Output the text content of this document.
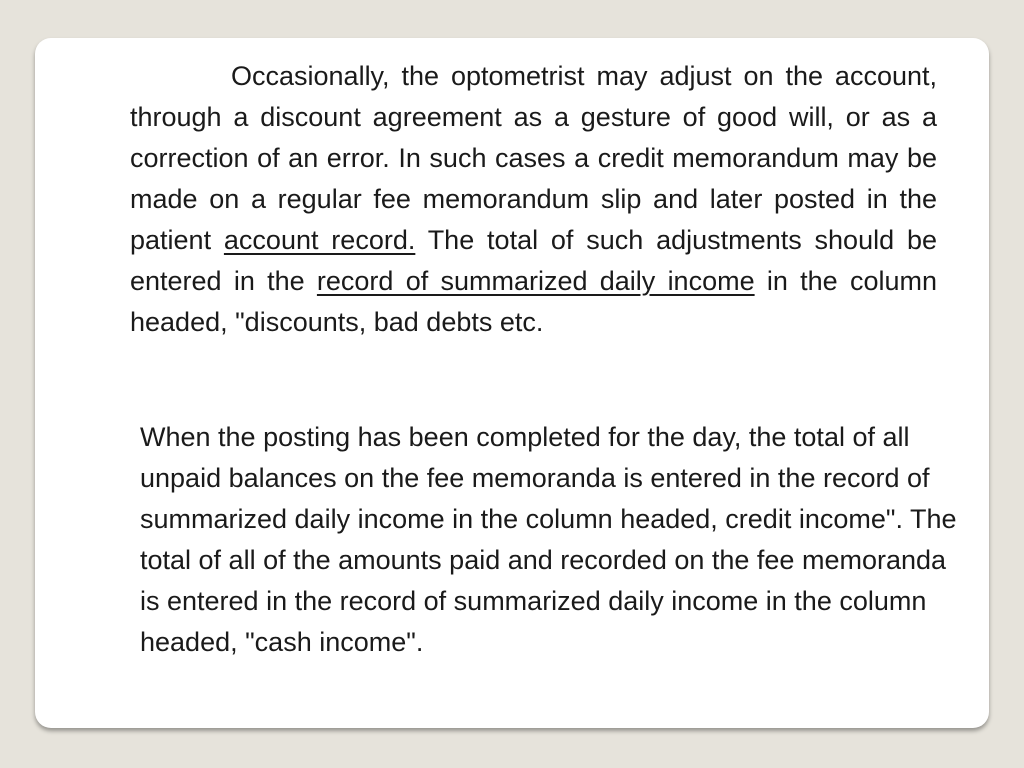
Occasionally, the optometrist may adjust on the account, through a discount agreement as a gesture of good will, or as a correction of an error. In such cases a credit memorandum may be made on a regular fee memorandum slip and later posted in the patient account record. The total of such adjustments should be entered in the record of summarized daily income in the column headed, "discounts, bad debts etc.

When the posting has been completed for the day, the total of all unpaid balances on the fee memoranda is entered in the record of summarized daily income in the column headed, credit income". The total of all of the amounts paid and recorded on the fee memoranda is entered in the record of summarized daily income in the column headed, "cash income".
